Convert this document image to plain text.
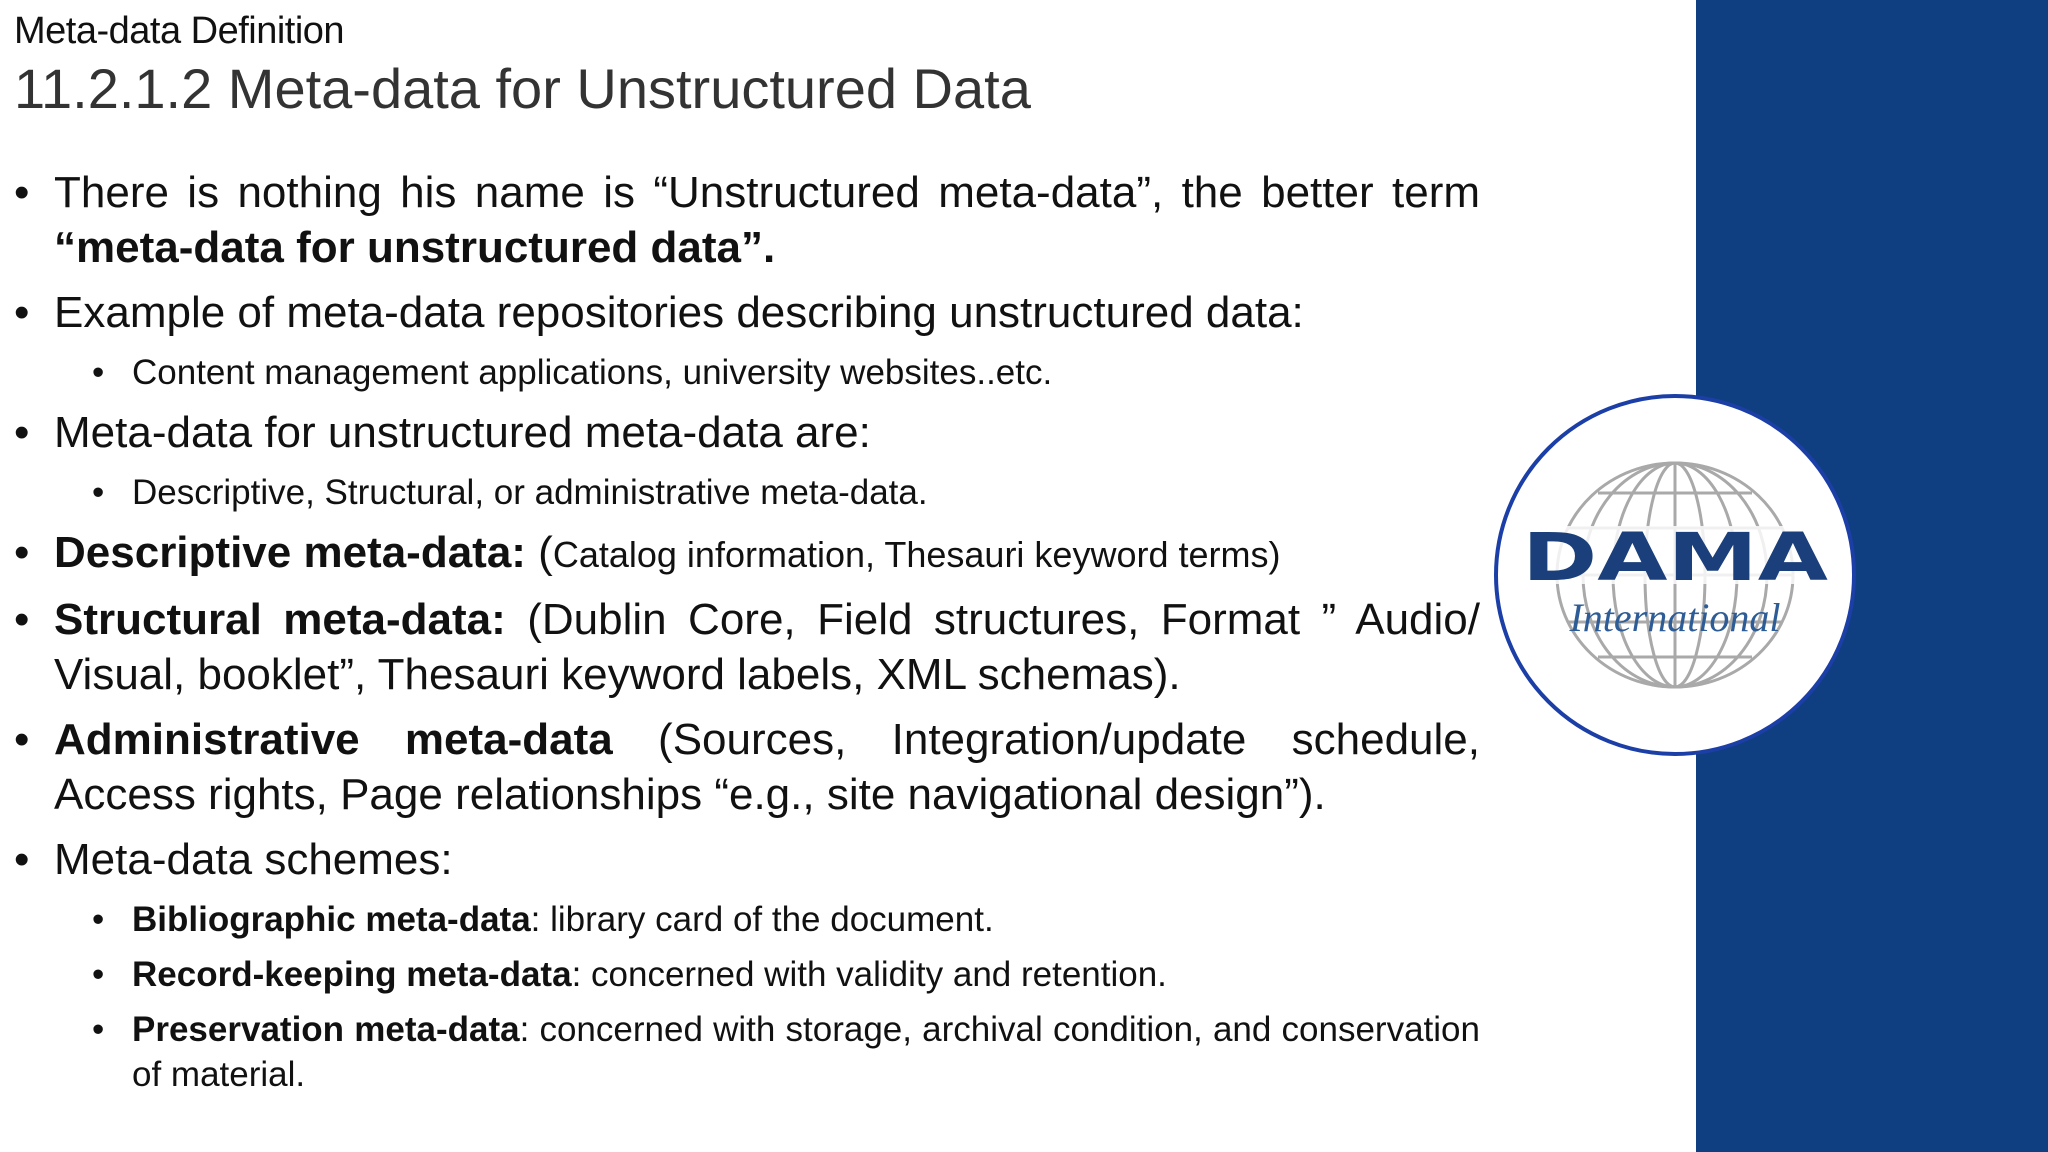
Meta-data Definition
11.2.1.2 Meta-data for Unstructured Data
• There is nothing his name is “Unstructured meta-data”, the better term “meta-data for unstructured data”.
• Example of meta-data repositories describing unstructured data:
• Content management applications, university websites..etc.
• Meta-data for unstructured meta-data are:
• Descriptive, Structural, or administrative meta-data.
• Descriptive meta-data: (Catalog information, Thesauri keyword terms)
• Structural meta-data: (Dublin Core, Field structures, Format ” Audio/ Visual, booklet”, Thesauri keyword labels, XML schemas).
• Administrative meta-data (Sources, Integration/update schedule, Access rights, Page relationships “e.g., site navigational design”).
• Meta-data schemes:
• Bibliographic meta-data: library card of the document.
• Record-keeping meta-data: concerned with validity and retention.
• Preservation meta-data: concerned with storage, archival condition, and conservation of material.
DAMA
International
